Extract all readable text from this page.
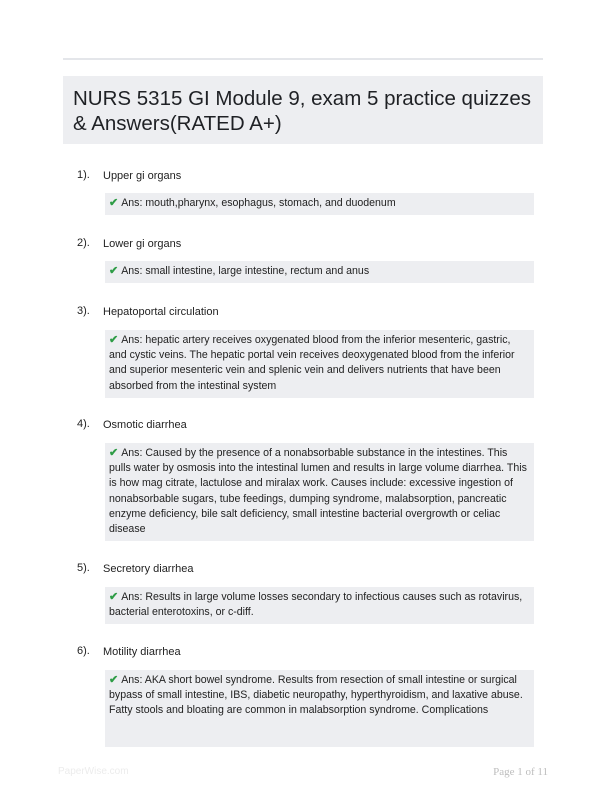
NURS 5315 GI Module 9, exam 5 practice quizzes & Answers(RATED A+)
1). Upper gi organs
✔ Ans: mouth,pharynx, esophagus, stomach, and duodenum
2). Lower gi organs
✔ Ans: small intestine, large intestine, rectum and anus
3). Hepatoportal circulation
✔ Ans: hepatic artery receives oxygenated blood from the inferior mesenteric, gastric, and cystic veins. The hepatic portal vein receives deoxygenated blood from the inferior and superior mesenteric vein and splenic vein and delivers nutrients that have been absorbed from the intestinal system
4). Osmotic diarrhea
✔ Ans: Caused by the presence of a nonabsorbable substance in the intestines. This pulls water by osmosis into the intestinal lumen and results in large volume diarrhea. This is how mag citrate, lactulose and miralax work. Causes include: excessive ingestion of nonabsorbable sugars, tube feedings, dumping syndrome, malabsorption, pancreatic enzyme deficiency, bile salt deficiency, small intestine bacterial overgrowth or celiac disease
5). Secretory diarrhea
✔ Ans: Results in large volume losses secondary to infectious causes such as rotavirus, bacterial enterotoxins, or c-diff.
6). Motility diarrhea
✔ Ans: AKA short bowel syndrome. Results from resection of small intestine or surgical bypass of small intestine, IBS, diabetic neuropathy, hyperthyroidism, and laxative abuse. Fatty stools and bloating are common in malabsorption syndrome. Complications
PaperWise.com	Page 1 of 11
